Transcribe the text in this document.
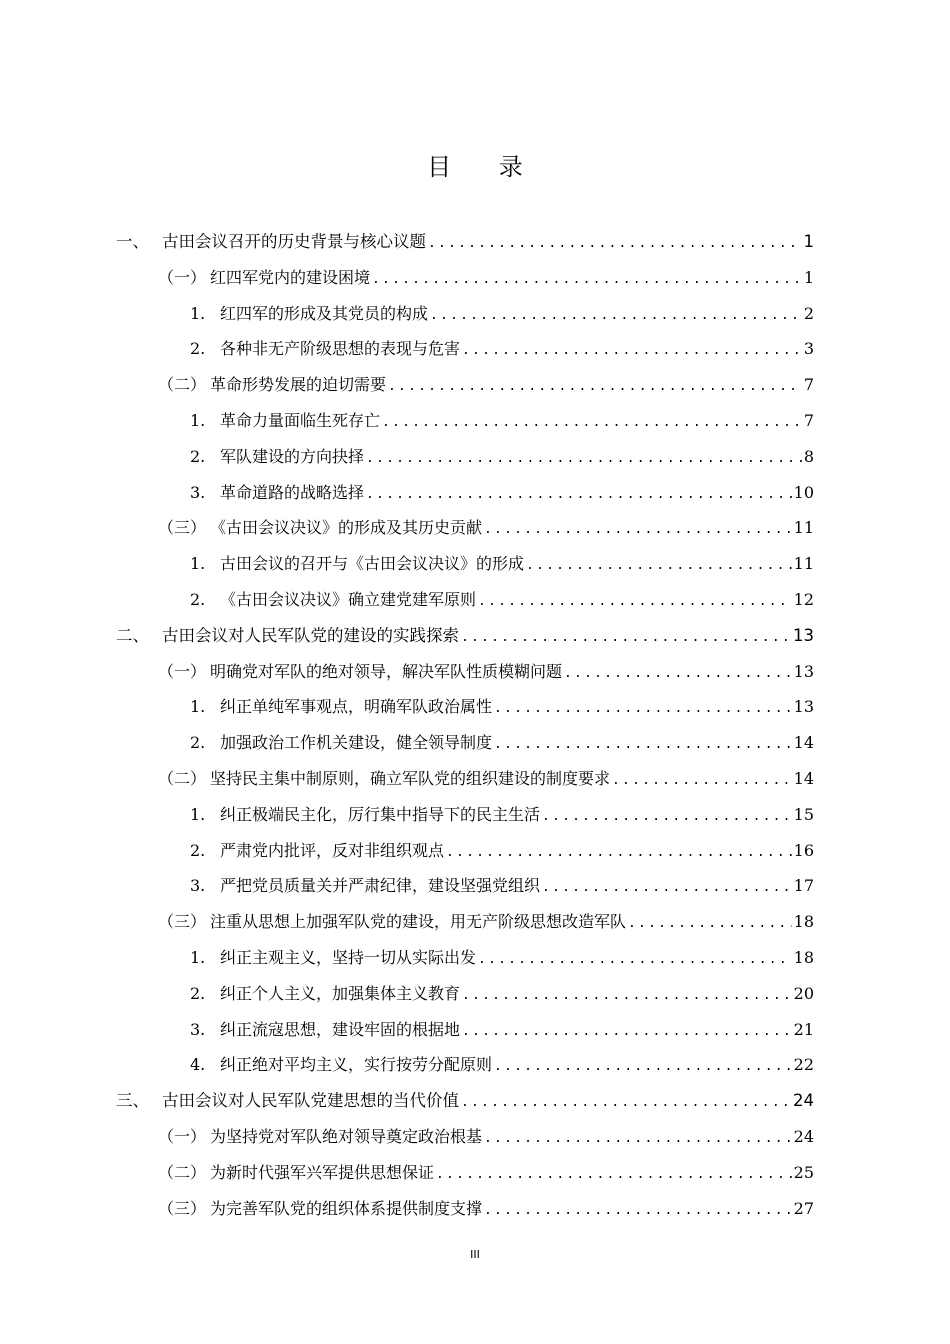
目 录
一、 古田会议召开的历史背景与核心议题 .....	1
（一） 红四军党内的建设困境 .....	1
1. 红四军的形成及其党员的构成 .....	2
2. 各种非无产阶级思想的表现与危害 .....	3
（二） 革命形势发展的迫切需要 .....	7
1. 革命力量面临生死存亡 .....	7
2. 军队建设的方向抉择 .....	8
3. 革命道路的战略选择 .....	10
（三） 《古田会议决议》的形成及其历史贡献 .....	11
1. 古田会议的召开与《古田会议决议》的形成 .....	11
2. 《古田会议决议》确立建党建军原则 .....	12
二、 古田会议对人民军队党的建设的实践探索 .....	13
（一） 明确党对军队的绝对领导，解决军队性质模糊问题 .....	13
1. 纠正单纯军事观点，明确军队政治属性 .....	13
2. 加强政治工作机关建设，健全领导制度 .....	14
（二） 坚持民主集中制原则，确立军队党的组织建设的制度要求 .....	14
1. 纠正极端民主化，厉行集中指导下的民主生活 .....	15
2. 严肃党内批评，反对非组织观点 .....	16
3. 严把党员质量关并严肃纪律，建设坚强党组织 .....	17
（三） 注重从思想上加强军队党的建设，用无产阶级思想改造军队 .....	18
1. 纠正主观主义，坚持一切从实际出发 .....	18
2. 纠正个人主义，加强集体主义教育 .....	20
3. 纠正流寇思想，建设牢固的根据地 .....	21
4. 纠正绝对平均主义，实行按劳分配原则 .....	22
三、 古田会议对人民军队党建思想的当代价值 .....	24
（一） 为坚持党对军队绝对领导奠定政治根基 .....	24
（二） 为新时代强军兴军提供思想保证 .....	25
（三） 为完善军队党的组织体系提供制度支撑 .....	27
III
